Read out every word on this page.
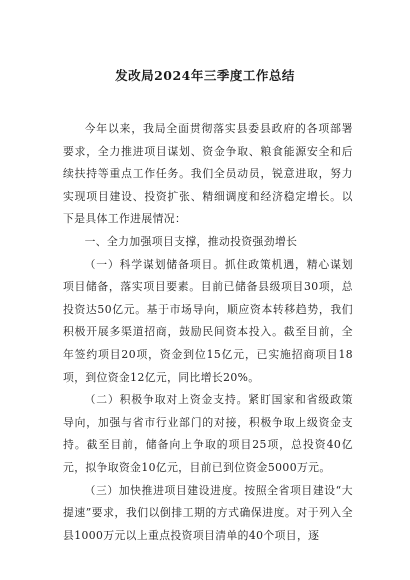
发改局2024年三季度工作总结

今年以来，我局全面贯彻落实县委县政府的各项部署要求，全力推进项目谋划、资金争取、粮食能源安全和后续扶持等重点工作任务。我们全员动员，锐意进取，努力实现项目建设、投资扩张、精细调度和经济稳定增长。以下是具体工作进展情况：

一、全力加强项目支撑，推动投资强劲增长

（一）科学谋划储备项目。抓住政策机遇，精心谋划项目储备，落实项目要素。目前已储备县级项目30项，总投资达50亿元。基于市场导向，顺应资本转移趋势，我们积极开展多渠道招商，鼓励民间资本投入。截至目前，全年签约项目20项，资金到位15亿元，已实施招商项目18项，到位资金12亿元，同比增长20%。

（二）积极争取对上资金支持。紧盯国家和省级政策导向，加强与省市行业部门的对接，积极争取上级资金支持。截至目前，储备向上争取的项目25项，总投资40亿元，拟争取资金10亿元，目前已到位资金5000万元。

（三）加快推进项目建设进度。按照全省项目建设“大提速”要求，我们以倒排工期的方式确保进度。对于列入全县1000万元以上重点投资项目清单的40个项目，逐
